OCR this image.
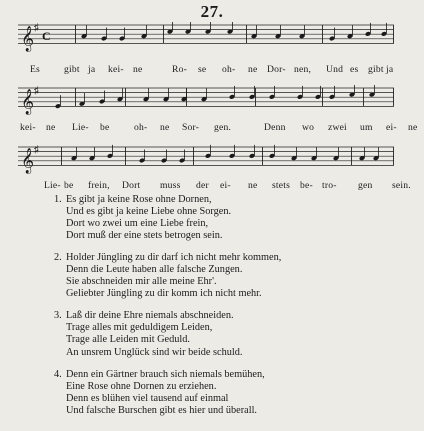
27.
𝄞 ♯
C
𝄞 ♯
𝄞 ♯
Es	gibt ja kei- ne	Ro- se oh- ne Dor- nen, Und es gibt ja
kei- ne Lie- be	oh- ne Sor- gen.	Denn wo zwei um ei- ne
Lie- be frein, Dort muss der ei- ne stets be- tro- gen sein.
1. Es gibt ja keine Rose ohne Dornen,
Und es gibt ja keine Liebe ohne Sorgen.
Dort wo zwei um eine Liebe frein,
Dort muß der eine stets betrogen sein.
2. Holder Jüngling zu dir darf ich nicht mehr kommen,
Denn die Leute haben alle falsche Zungen.
Sie abschneiden mir alle meine Ehr'.
Geliebter Jüngling zu dir komm ich nicht mehr.
3. Laß dir deine Ehre niemals abschneiden.
Trage alles mit geduldigem Leiden,
Trage alle Leiden mit Geduld.
An unsrem Unglück sind wir beide schuld.
4. Denn ein Gärtner brauch sich niemals bemühen,
Eine Rose ohne Dornen zu erziehen.
Denn es blühen viel tausend auf einmal
Und falsche Burschen gibt es hier und überall.
